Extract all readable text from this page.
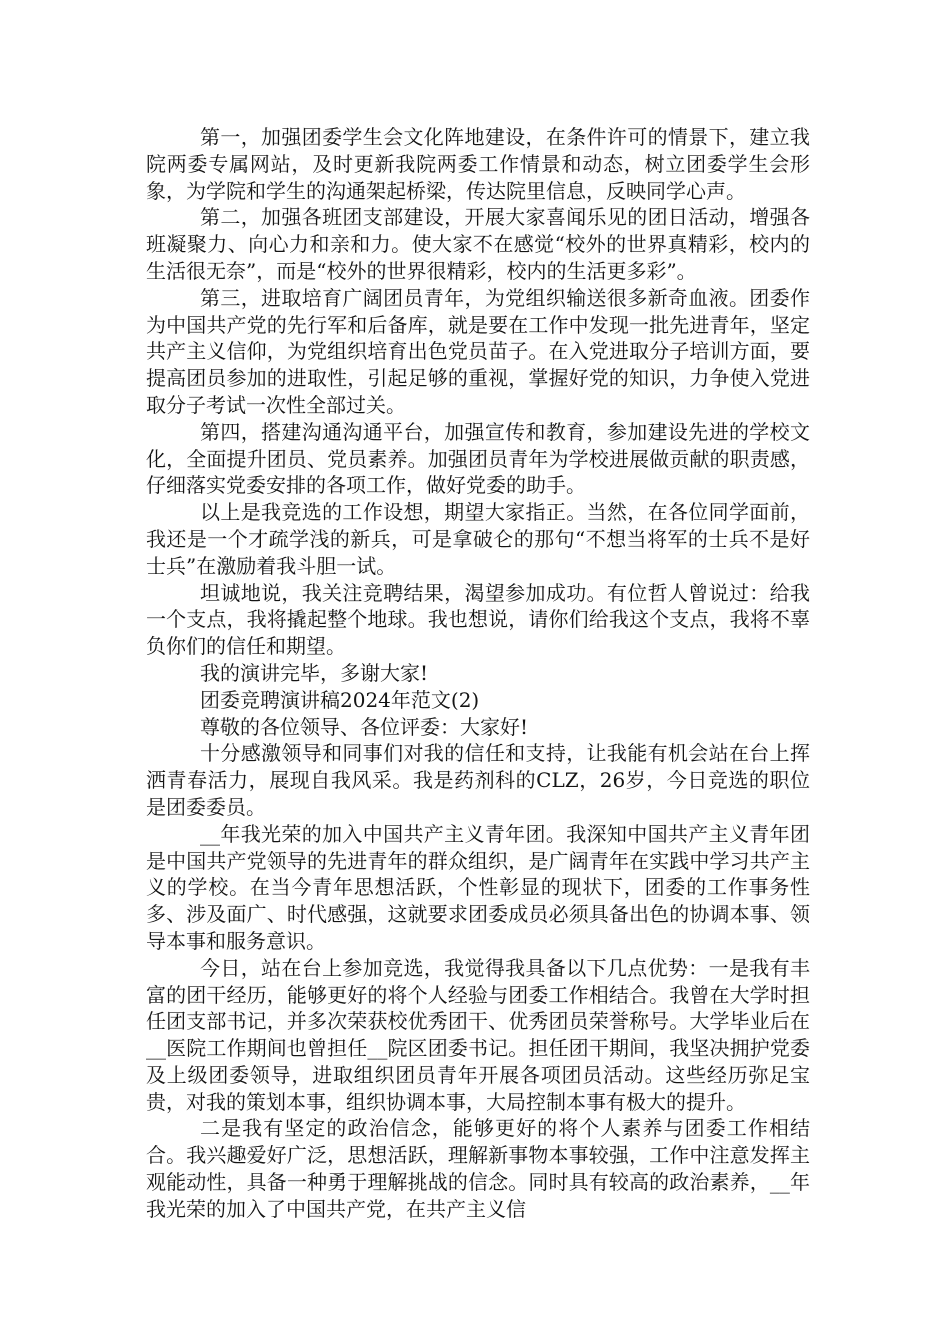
第一，加强团委学生会文化阵地建设，在条件许可的情景下，建立我院两委专属网站，及时更新我院两委工作情景和动态，树立团委学生会形象，为学院和学生的沟通架起桥梁，传达院里信息，反映同学心声。

第二，加强各班团支部建设，开展大家喜闻乐见的团日活动，增强各班凝聚力、向心力和亲和力。使大家不在感觉“校外的世界真精彩，校内的生活很无奈”，而是“校外的世界很精彩，校内的生活更多彩”。

第三，进取培育广阔团员青年，为党组织输送很多新奇血液。团委作为中国共产党的先行军和后备库，就是要在工作中发现一批先进青年，坚定共产主义信仰，为党组织培育出色党员苗子。在入党进取分子培训方面，要提高团员参加的进取性，引起足够的重视，掌握好党的知识，力争使入党进取分子考试一次性全部过关。

第四，搭建沟通沟通平台，加强宣传和教育，参加建设先进的学校文化，全面提升团员、党员素养。加强团员青年为学校进展做贡献的职责感，仔细落实党委安排的各项工作，做好党委的助手。

以上是我竞选的工作设想，期望大家指正。当然，在各位同学面前，我还是一个才疏学浅的新兵，可是拿破仑的那句“不想当将军的士兵不是好士兵”在激励着我斗胆一试。

坦诚地说，我关注竞聘结果，渴望参加成功。有位哲人曾说过：给我一个支点，我将撬起整个地球。我也想说，请你们给我这个支点，我将不辜负你们的信任和期望。

我的演讲完毕，多谢大家!

团委竞聘演讲稿2024年范文(2)

尊敬的各位领导、各位评委：大家好!

十分感激领导和同事们对我的信任和支持，让我能有机会站在台上挥洒青春活力，展现自我风采。我是药剂科的CLZ，26岁，今日竞选的职位是团委委员。

__年我光荣的加入中国共产主义青年团。我深知中国共产主义青年团是中国共产党领导的先进青年的群众组织，是广阔青年在实践中学习共产主义的学校。在当今青年思想活跃，个性彰显的现状下，团委的工作事务性多、涉及面广、时代感强，这就要求团委成员必须具备出色的协调本事、领导本事和服务意识。

今日，站在台上参加竞选，我觉得我具备以下几点优势：一是我有丰富的团干经历，能够更好的将个人经验与团委工作相结合。我曾在大学时担任团支部书记，并多次荣获校优秀团干、优秀团员荣誉称号。大学毕业后在__医院工作期间也曾担任__院区团委书记。担任团干期间，我坚决拥护党委及上级团委领导，进取组织团员青年开展各项团员活动。这些经历弥足宝贵，对我的策划本事，组织协调本事，大局控制本事有极大的提升。

二是我有坚定的政治信念，能够更好的将个人素养与团委工作相结合。我兴趣爱好广泛，思想活跃，理解新事物本事较强，工作中注意发挥主观能动性，具备一种勇于理解挑战的信念。同时具有较高的政治素养，__年我光荣的加入了中国共产党，在共产主义信
